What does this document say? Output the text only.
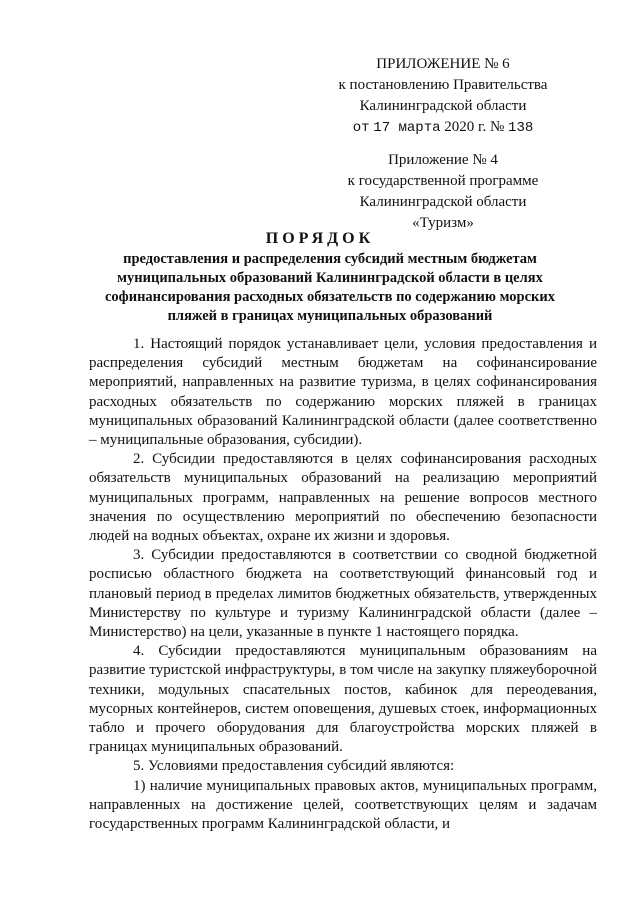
ПРИЛОЖЕНИЕ № 6
к постановлению Правительства
Калининградской области
от 17 марта 2020 г. № 138
Приложение № 4
к государственной программе
Калининградской области
«Туризм»
ПОРЯДОК
предоставления и распределения субсидий местным бюджетам муниципальных образований Калининградской области в целях софинансирования расходных обязательств по содержанию морских пляжей в границах муниципальных образований

1. Настоящий порядок устанавливает цели, условия предоставления и распределения субсидий местным бюджетам на софинансирование мероприятий, направленных на развитие туризма, в целях софинансирования расходных обязательств по содержанию морских пляжей в границах муниципальных образований Калининградской области (далее соответственно – муниципальные образования, субсидии).

2. Субсидии предоставляются в целях софинансирования расходных обязательств муниципальных образований на реализацию мероприятий муниципальных программ, направленных на решение вопросов местного значения по осуществлению мероприятий по обеспечению безопасности людей на водных объектах, охране их жизни и здоровья.

3. Субсидии предоставляются в соответствии со сводной бюджетной росписью областного бюджета на соответствующий финансовый год и плановый период в пределах лимитов бюджетных обязательств, утвержденных Министерству по культуре и туризму Калининградской области (далее – Министерство) на цели, указанные в пункте 1 настоящего порядка.

4. Субсидии предоставляются муниципальным образованиям на развитие туристской инфраструктуры, в том числе на закупку пляжеуборочной техники, модульных спасательных постов, кабинок для переодевания, мусорных контейнеров, систем оповещения, душевых стоек, информационных табло и прочего оборудования для благоустройства морских пляжей в границах муниципальных образований.

5. Условиями предоставления субсидий являются:

1) наличие муниципальных правовых актов, муниципальных программ, направленных на достижение целей, соответствующих целям и задачам государственных программ Калининградской области, и
